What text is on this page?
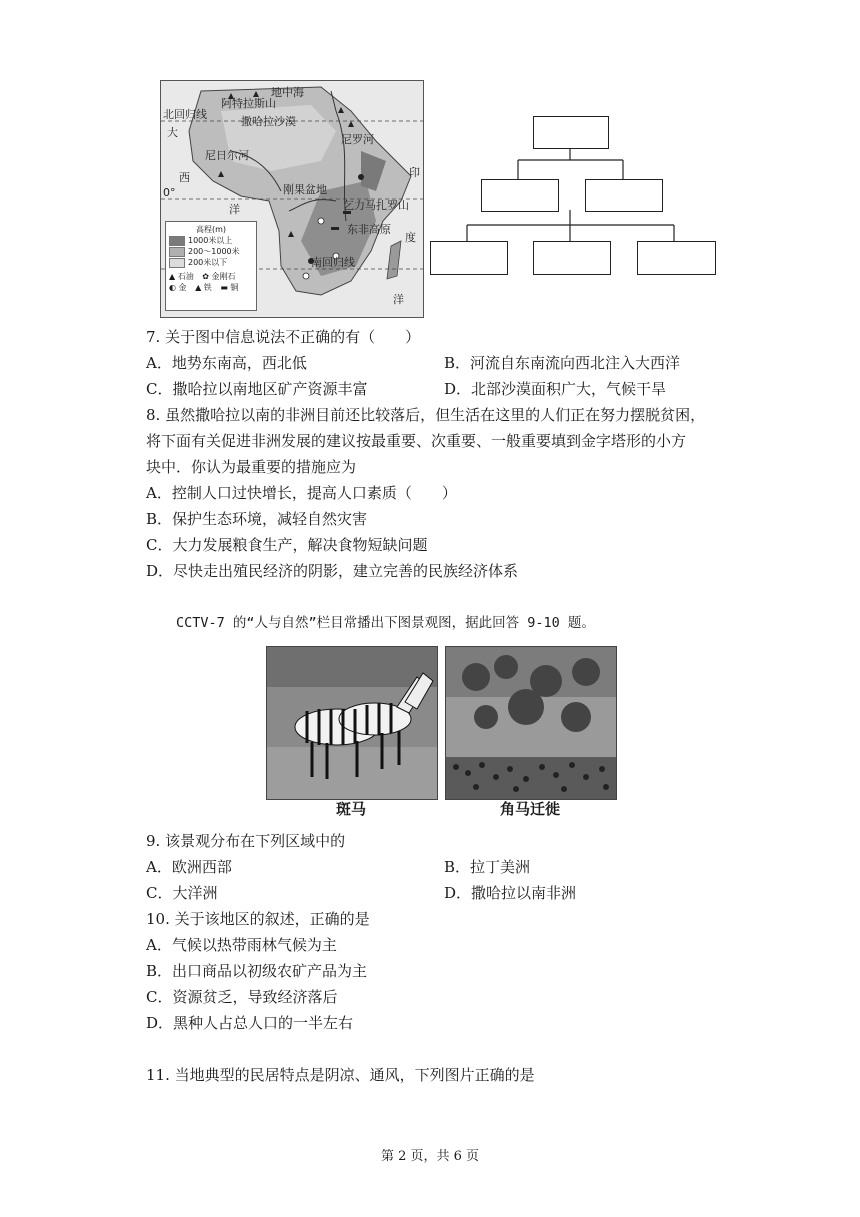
北回归线
0°
南回归线
地中海
大
西
洋
印
度
洋
撒哈拉沙漠
尼罗河
尼日尔河
刚果盆地
乞力马扎罗山
东非高原
阿特拉斯山
高程(m)
1000米以上
200～1000米
200米以下
▲ 石油
✿ 金刚石
◐ 金
▲ 铁
▬ 铜
7. 关于图中信息说法不正确的有（　　）
A．地势东南高，西北低	B．河流自东南流向西北注入大西洋
C．撒哈拉以南地区矿产资源丰富	D．北部沙漠面积广大，气候干旱
8. 虽然撒哈拉以南的非洲目前还比较落后，但生活在这里的人们正在努力摆脱贫困，
将下面有关促进非洲发展的建议按最重要、次重要、一般重要填到金字塔形的小方
块中．你认为最重要的措施应为
A．控制人口过快增长，提高人口素质（　　）
B．保护生态环境，减轻自然灾害
C．大力发展粮食生产，解决食物短缺问题
D．尽快走出殖民经济的阴影，建立完善的民族经济体系
CCTV-7 的“人与自然”栏目常播出下图景观图，据此回答 9-10 题。
斑马	角马迁徙
9. 该景观分布在下列区域中的
A．欧洲西部	B．拉丁美洲
C．大洋洲	D．撒哈拉以南非洲
10. 关于该地区的叙述，正确的是
A．气候以热带雨林气候为主
B．出口商品以初级农矿产品为主
C．资源贫乏，导致经济落后
D．黑种人占总人口的一半左右
11. 当地典型的民居特点是阴凉、通风，下列图片正确的是
第 2 页，共 6 页
